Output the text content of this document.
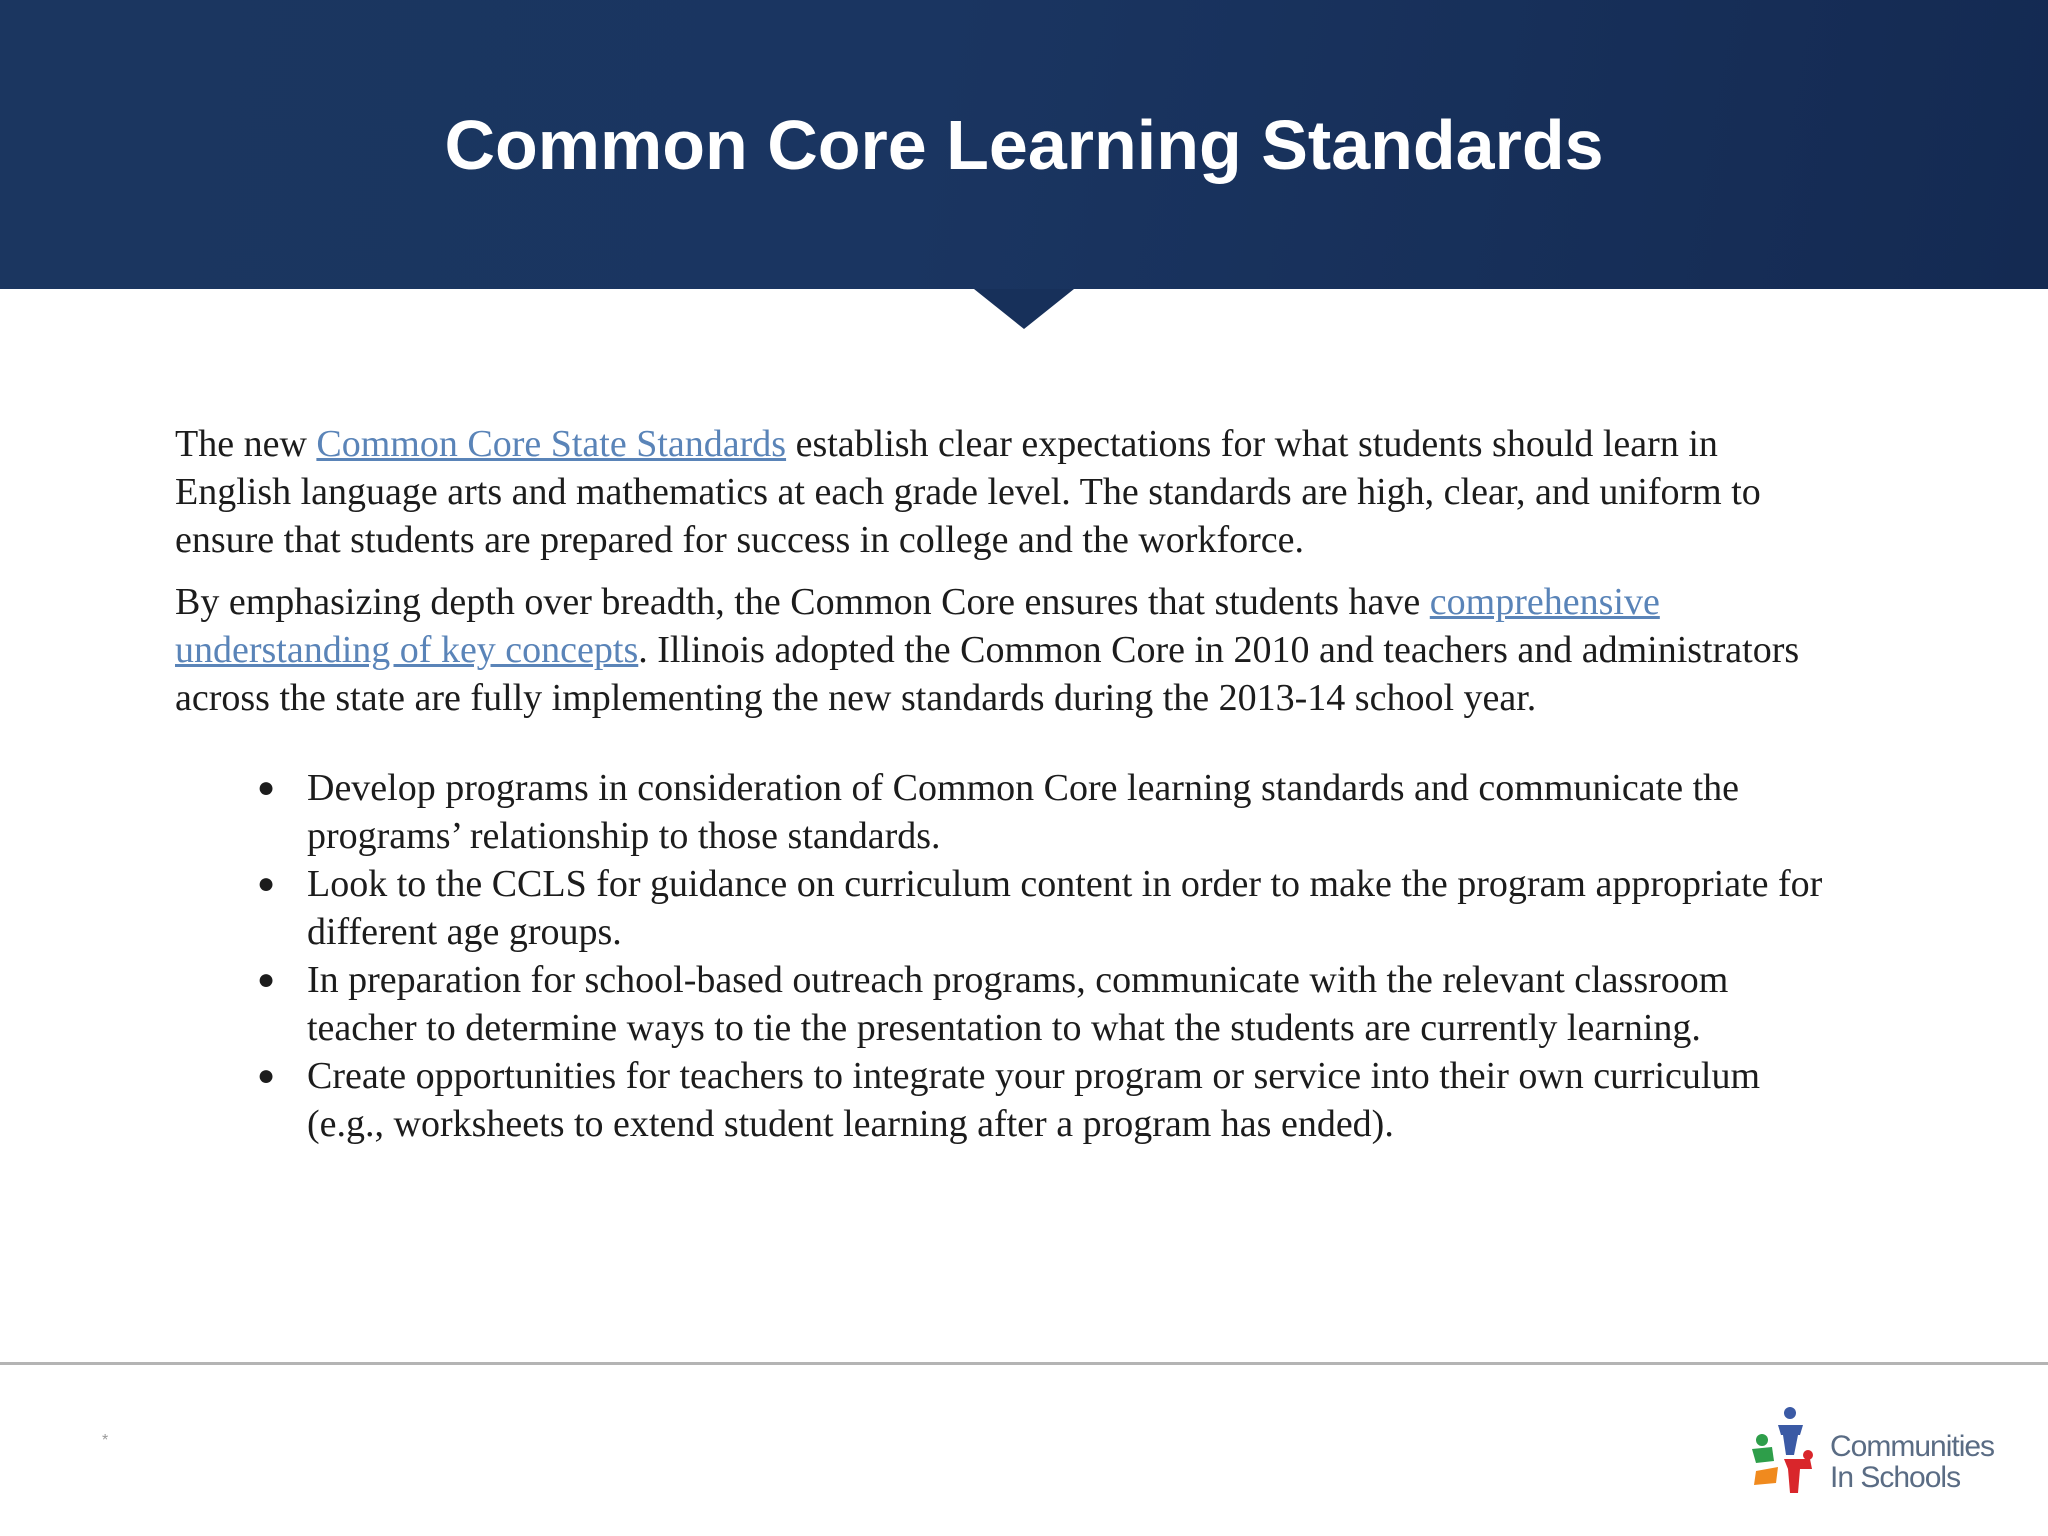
Common Core Learning Standards

The new Common Core State Standards establish clear expectations for what students should learn in English language arts and mathematics at each grade level. The standards are high, clear, and uniform to ensure that students are prepared for success in college and the workforce.

By emphasizing depth over breadth, the Common Core ensures that students have comprehensive understanding of key concepts. Illinois adopted the Common Core in 2010 and teachers and administrators across the state are fully implementing the new standards during the 2013-14 school year.

● Develop programs in consideration of Common Core learning standards and communicate the programs’ relationship to those standards.
● Look to the CCLS for guidance on curriculum content in order to make the program appropriate for different age groups.
● In preparation for school-based outreach programs, communicate with the relevant classroom teacher to determine ways to tie the presentation to what the students are currently learning.
● Create opportunities for teachers to integrate your program or service into their own curriculum (e.g., worksheets to extend student learning after a program has ended).
*	Communities
In Schools
